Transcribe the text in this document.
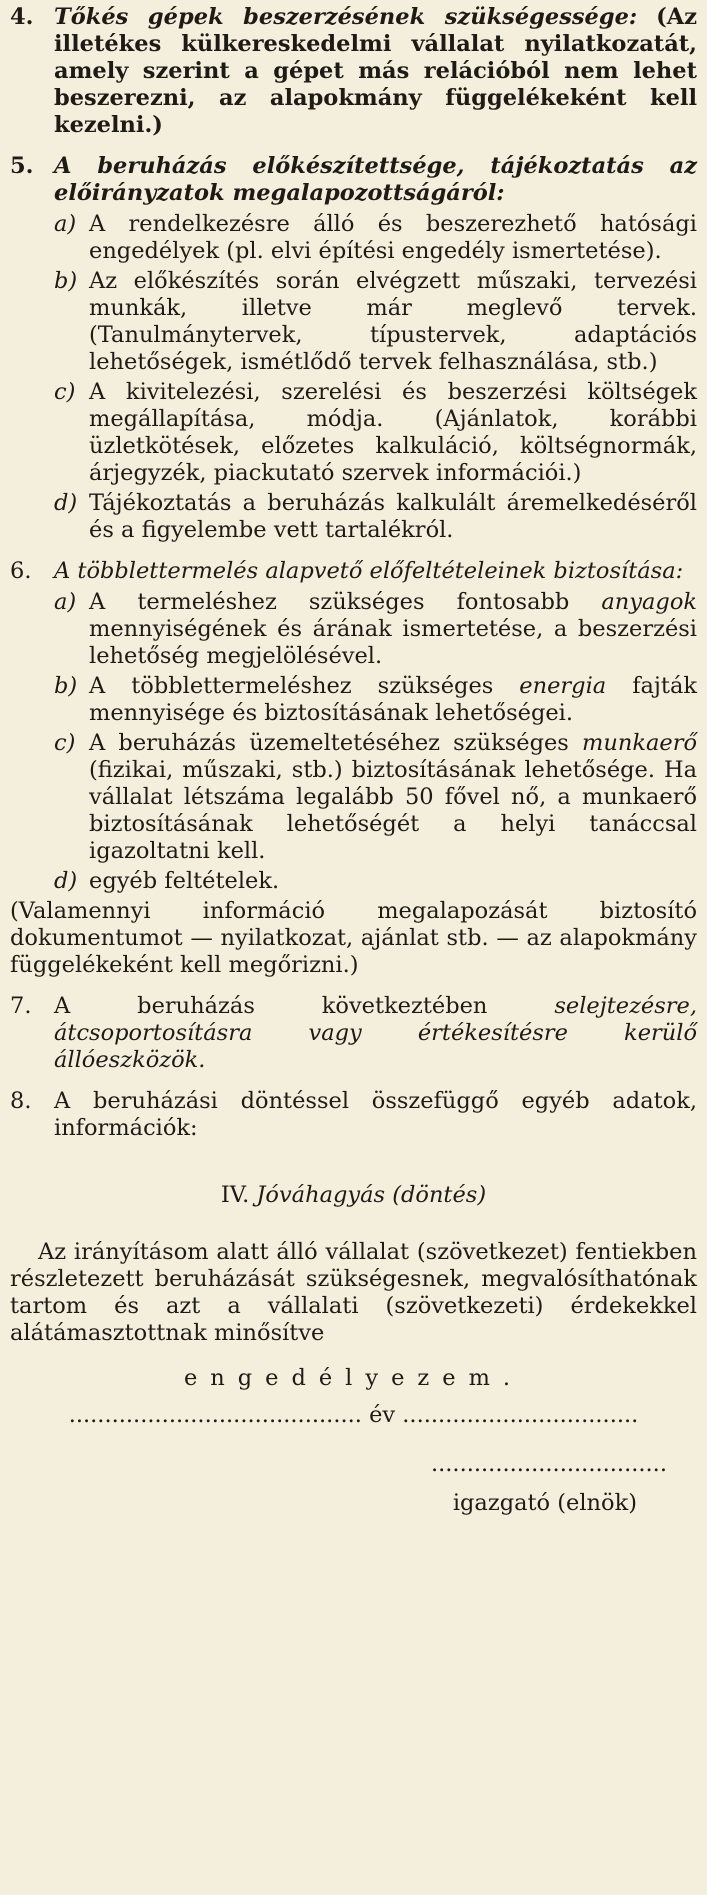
4. Tőkés gépek beszerzésének szükségessége: (Az illetékes külkereskedelmi vállalat nyilatkozatát, amely szerint a gépet más relációból nem lehet beszerezni, az alapokmány függelékeként kell kezelni.)
5. A beruházás előkészítettsége, tájékoztatás az előirányzatok megalapozottságáról:
a) A rendelkezésre álló és beszerezhető hatósági engedélyek (pl. elvi építési engedély ismertetése).
b) Az előkészítés során elvégzett műszaki, tervezési munkák, illetve már meglevő tervek. (Tanulmánytervek, típustervek, adaptációs lehetőségek, ismétlődő tervek felhasználása, stb.)
c) A kivitelezési, szerelési és beszerzési költségek megállapítása, módja. (Ajánlatok, korábbi üzletkötések, előzetes kalkuláció, költségnormák, árjegyzék, piackutató szervek információi.)
d) Tájékoztatás a beruházás kalkulált áremelkedéséről és a figyelembe vett tartalékról.
6. A többlettermelés alapvető előfeltételeinek biztosítása:
a) A termeléshez szükséges fontosabb anyagok mennyiségének és árának ismertetése, a beszerzési lehetőség megjelölésével.
b) A többlettermeléshez szükséges energia fajták mennyisége és biztosításának lehetőségei.
c) A beruházás üzemeltetéséhez szükséges munkaerő (fizikai, műszaki, stb.) biztosításának lehetősége. Ha vállalat létszáma legalább 50 fővel nő, a munkaerő biztosításának lehetőségét a helyi tanáccsal igazoltatni kell.
d) egyéb feltételek.
(Valamennyi információ megalapozását biztosító dokumentumot — nyilatkozat, ajánlat stb. — az alapokmány függelékeként kell megőrizni.)
7. A beruházás következtében	selejtezésre, átcsoportosításra vagy értékesítésre kerülő állóeszközök.
8. A beruházási döntéssel összefüggő egyéb adatok, információk:
IV. Jóváhagyás (döntés)
Az irányításom alatt álló vállalat (szövetkezet) fentiekben részletezett beruházását szükségesnek, megvalósíthatónak tartom és azt a vállalati (szövetkezeti) érdekekkel alátámasztottnak minősítve
engedélyezem.
......................................... év .................................
.................................
igazgató (elnök)
